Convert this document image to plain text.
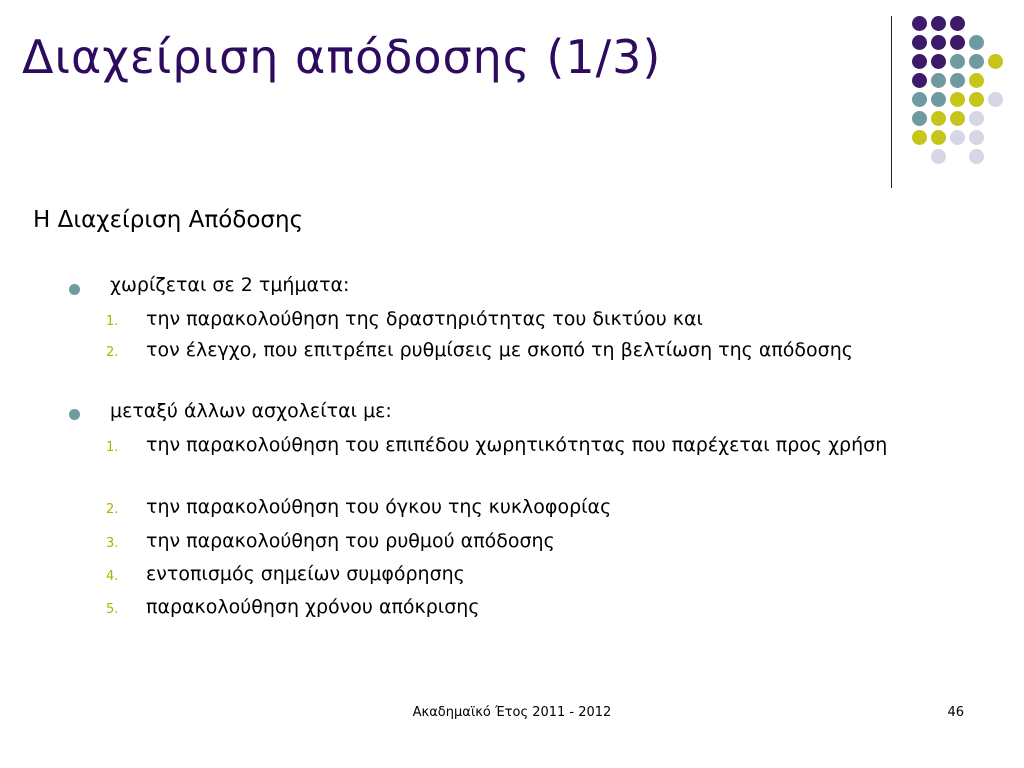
Διαχείριση απόδοσης (1/3)
Η Διαχείριση Απόδοσης
χωρίζεται σε 2 τμήματα:
1. την παρακολούθηση της δραστηριότητας του δικτύου και
2. τον έλεγχο, που επιτρέπει ρυθμίσεις με σκοπό τη βελτίωση της απόδοσης
μεταξύ άλλων ασχολείται με:
1. την παρακολούθηση του επιπέδου χωρητικότητας που παρέχεται προς χρήση
2. την παρακολούθηση του όγκου της κυκλοφορίας
3. την παρακολούθηση του ρυθμού απόδοσης
4. εντοπισμός σημείων συμφόρησης
5. παρακολούθηση χρόνου απόκρισης
Ακαδημαϊκό Έτος 2011 - 2012	46
